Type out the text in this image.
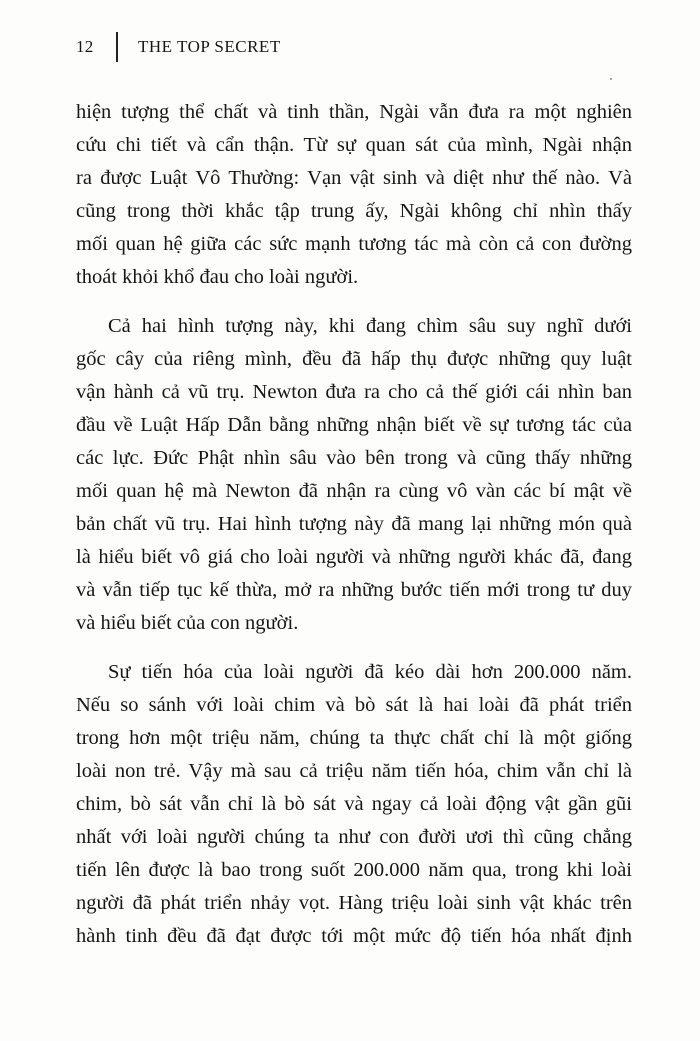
12	THE TOP SECRET
hiện tượng thể chất và tinh thần, Ngài vẫn đưa ra một nghiên
cứu chi tiết và cẩn thận. Từ sự quan sát của mình, Ngài nhận
ra được Luật Vô Thường: Vạn vật sinh và diệt như thế nào. Và
cũng trong thời khắc tập trung ấy, Ngài không chỉ nhìn thấy
mối quan hệ giữa các sức mạnh tương tác mà còn cả con đường
thoát khỏi khổ đau cho loài người.
Cả hai hình tượng này, khi đang chìm sâu suy nghĩ dưới
gốc cây của riêng mình, đều đã hấp thụ được những quy luật
vận hành cả vũ trụ. Newton đưa ra cho cả thế giới cái nhìn ban
đầu về Luật Hấp Dẫn bằng những nhận biết về sự tương tác của
các lực. Đức Phật nhìn sâu vào bên trong và cũng thấy những
mối quan hệ mà Newton đã nhận ra cùng vô vàn các bí mật về
bản chất vũ trụ. Hai hình tượng này đã mang lại những món quà
là hiểu biết vô giá cho loài người và những người khác đã, đang
và vẫn tiếp tục kế thừa, mở ra những bước tiến mới trong tư duy
và hiểu biết của con người.
Sự tiến hóa của loài người đã kéo dài hơn 200.000 năm.
Nếu so sánh với loài chim và bò sát là hai loài đã phát triển
trong hơn một triệu năm, chúng ta thực chất chỉ là một giống
loài non trẻ. Vậy mà sau cả triệu năm tiến hóa, chim vẫn chỉ là
chim, bò sát vẫn chỉ là bò sát và ngay cả loài động vật gần gũi
nhất với loài người chúng ta như con đười ươi thì cũng chẳng
tiến lên được là bao trong suốt 200.000 năm qua, trong khi loài
người đã phát triển nhảy vọt. Hàng triệu loài sinh vật khác trên
hành tinh đều đã đạt được tới một mức độ tiến hóa nhất định
